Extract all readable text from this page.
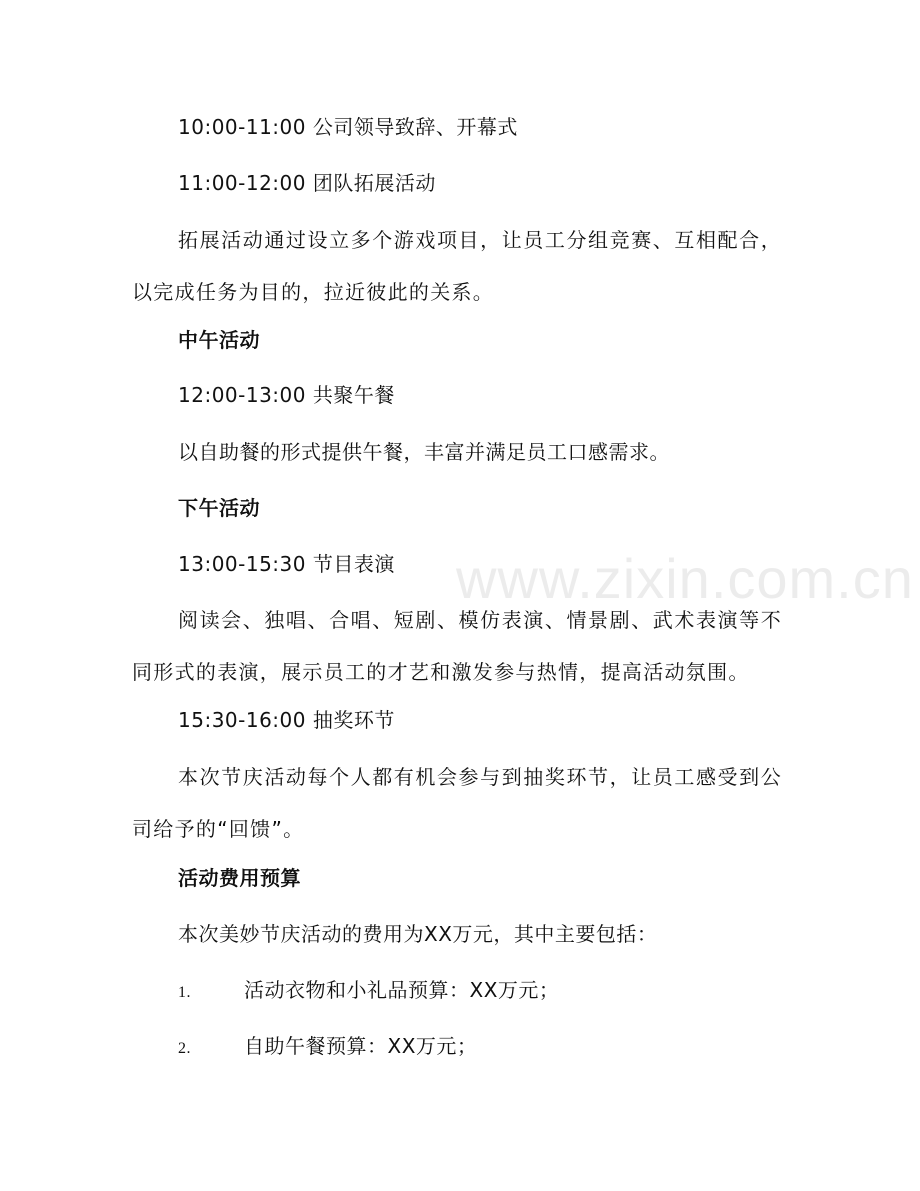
www.zixin.com.cn
10:00-11:00 公司领导致辞、开幕式
11:00-12:00 团队拓展活动
拓展活动通过设立多个游戏项目，让员工分组竞赛、互相配合，以完成任务为目的，拉近彼此的关系。
中午活动
12:00-13:00 共聚午餐
以自助餐的形式提供午餐，丰富并满足员工口感需求。
下午活动
13:00-15:30 节目表演
阅读会、独唱、合唱、短剧、模仿表演、情景剧、武术表演等不同形式的表演，展示员工的才艺和激发参与热情，提高活动氛围。
15:30-16:00 抽奖环节
本次节庆活动每个人都有机会参与到抽奖环节，让员工感受到公司给予的“回馈”。
活动费用预算
本次美妙节庆活动的费用为XX万元，其中主要包括：
1.	活动衣物和小礼品预算：XX万元；
2.	自助午餐预算：XX万元；
